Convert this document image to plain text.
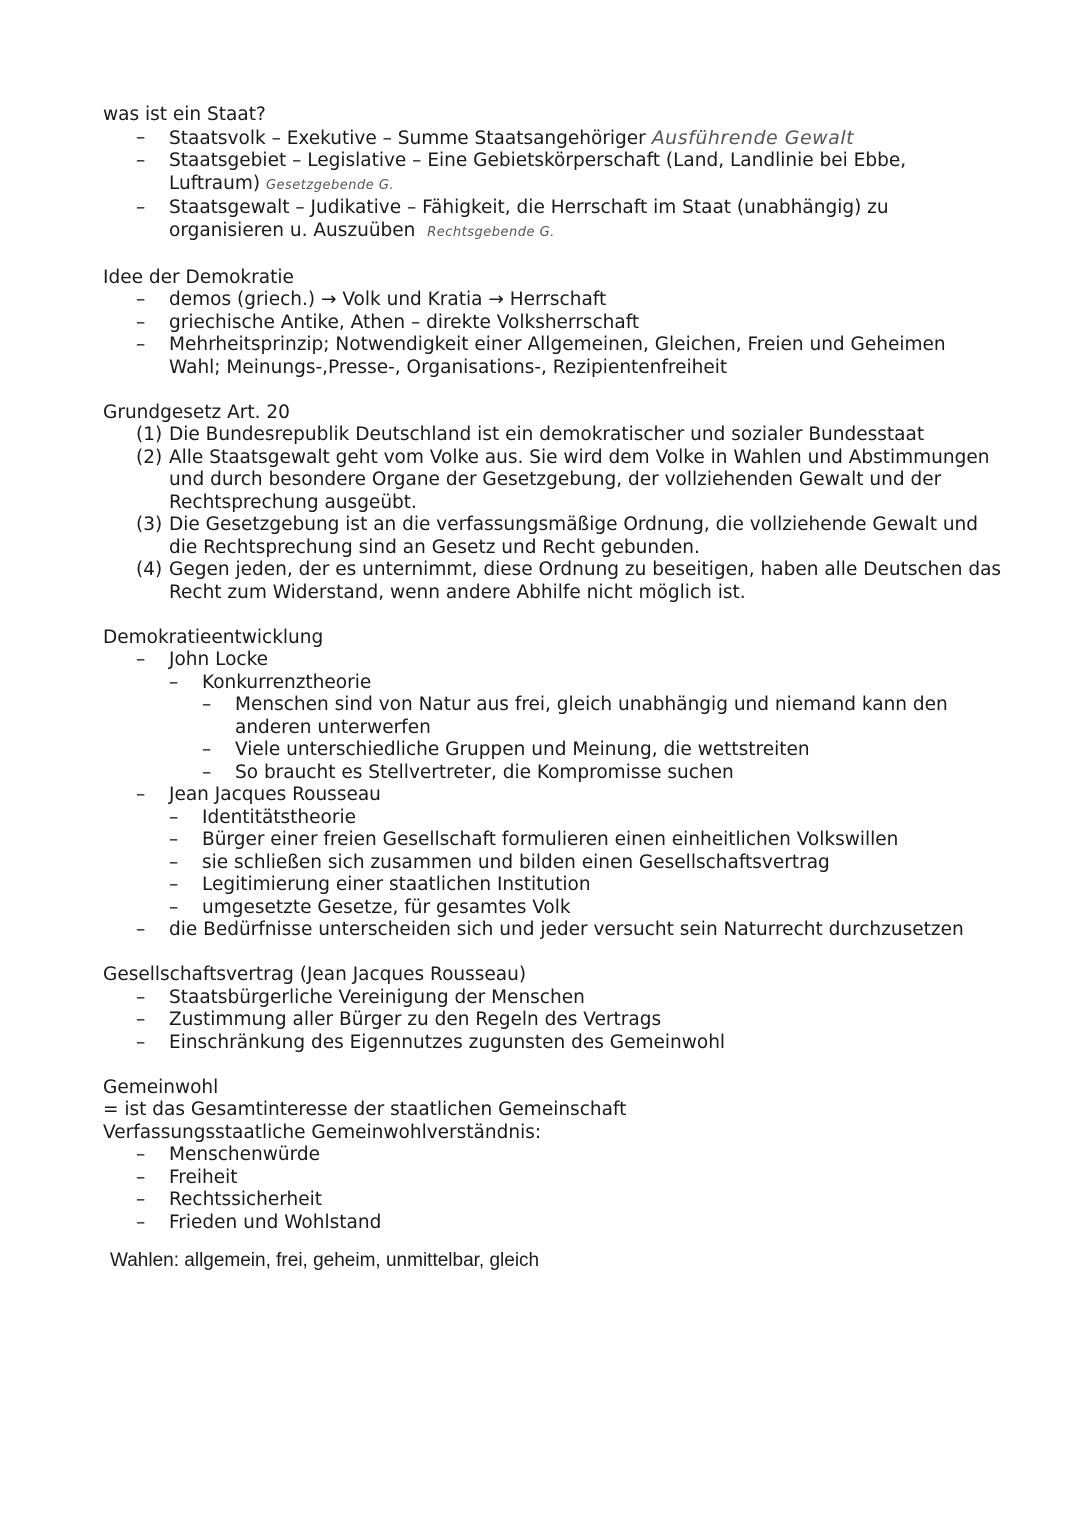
was ist ein Staat?
–	Staatsvolk – Exekutive – Summe Staatsangehöriger Ausführende Gewalt
–	Staatsgebiet – Legislative – Eine Gebietskörperschaft (Land, Landlinie bei Ebbe, Luftraum) Gesetzgebende G.
–	Staatsgewalt – Judikative – Fähigkeit, die Herrschaft im Staat (unabhängig) zu organisieren u. Auszuüben Rechtsgebende G.
Idee der Demokratie
–	demos (griech.) → Volk und Kratia → Herrschaft
–	griechische Antike, Athen – direkte Volksherrschaft
–	Mehrheitsprinzip; Notwendigkeit einer Allgemeinen, Gleichen, Freien und Geheimen Wahl; Meinungs-,Presse-, Organisations-, Rezipientenfreiheit
Grundgesetz Art. 20
(1) Die Bundesrepublik Deutschland ist ein demokratischer und sozialer Bundesstaat
(2) Alle Staatsgewalt geht vom Volke aus. Sie wird dem Volke in Wahlen und Abstimmungen und durch besondere Organe der Gesetzgebung, der vollziehenden Gewalt und der Rechtsprechung ausgeübt.
(3) Die Gesetzgebung ist an die verfassungsmäßige Ordnung, die vollziehende Gewalt und die Rechtsprechung sind an Gesetz und Recht gebunden.
(4) Gegen jeden, der es unternimmt, diese Ordnung zu beseitigen, haben alle Deutschen das Recht zum Widerstand, wenn andere Abhilfe nicht möglich ist.
Demokratieentwicklung
–	John Locke
–	Konkurrenztheorie
–	Menschen sind von Natur aus frei, gleich unabhängig und niemand kann den anderen unterwerfen
–	Viele unterschiedliche Gruppen und Meinung, die wettstreiten
–	So braucht es Stellvertreter, die Kompromisse suchen
–	Jean Jacques Rousseau
–	Identitätstheorie
–	Bürger einer freien Gesellschaft formulieren einen einheitlichen Volkswillen
–	sie schließen sich zusammen und bilden einen Gesellschaftsvertrag
–	Legitimierung einer staatlichen Institution
–	umgesetzte Gesetze, für gesamtes Volk
–	die Bedürfnisse unterscheiden sich und jeder versucht sein Naturrecht durchzusetzen
Gesellschaftsvertrag (Jean Jacques Rousseau)
–	Staatsbürgerliche Vereinigung der Menschen
–	Zustimmung aller Bürger zu den Regeln des Vertrags
–	Einschränkung des Eigennutzes zugunsten des Gemeinwohl
Gemeinwohl
= ist das Gesamtinteresse der staatlichen Gemeinschaft
Verfassungsstaatliche Gemeinwohlverständnis:
–	Menschenwürde
–	Freiheit
–	Rechtssicherheit
–	Frieden und Wohlstand
Wahlen: allgemein, frei, geheim, unmittelbar, gleich
